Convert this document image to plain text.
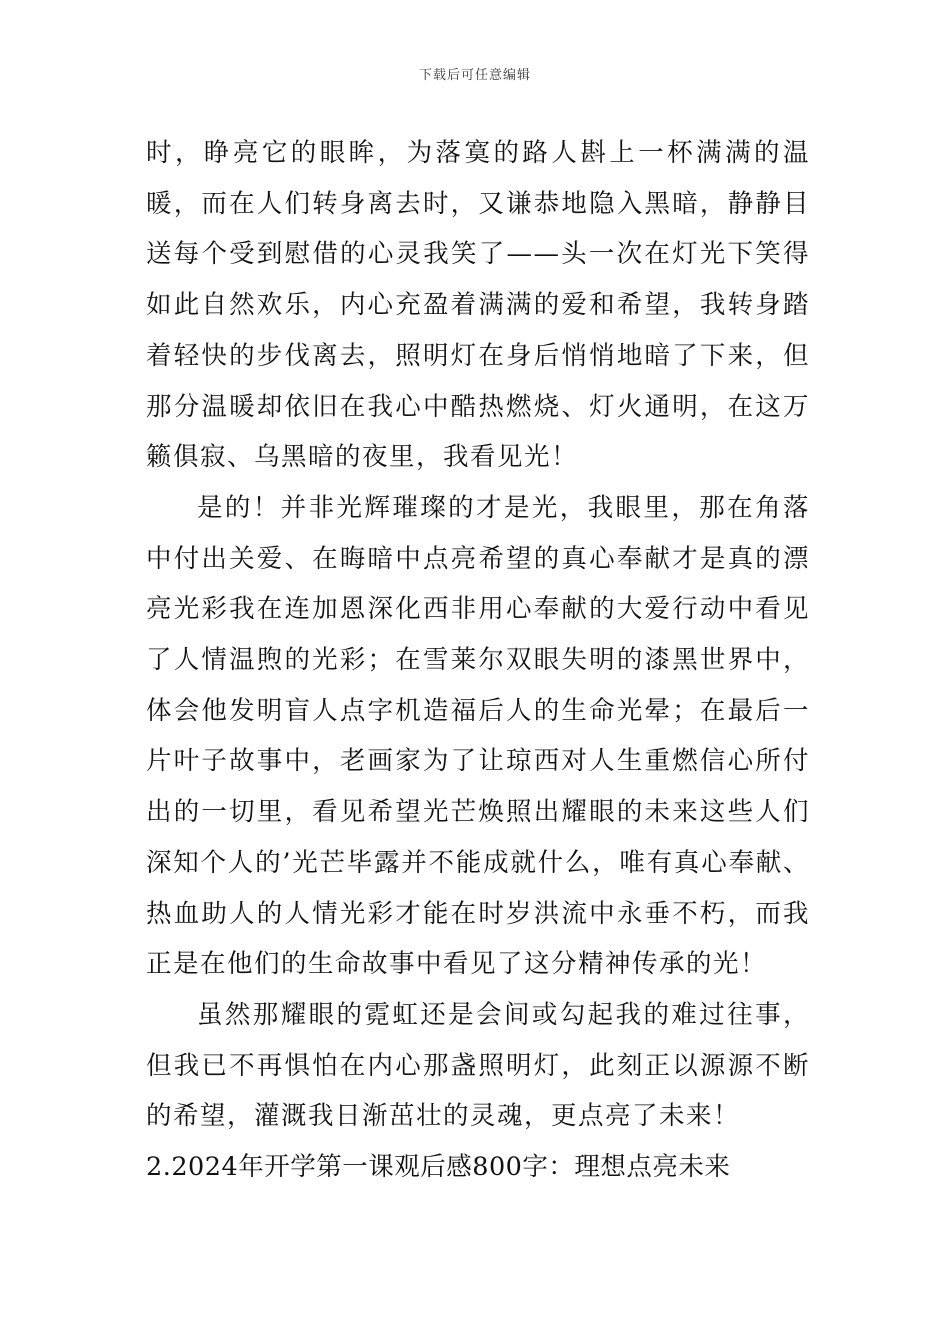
下载后可任意编辑

时，睁亮它的眼眸，为落寞的路人斟上一杯满满的温暖，而在人们转身离去时，又谦恭地隐入黑暗，静静目送每个受到慰借的心灵我笑了——头一次在灯光下笑得如此自然欢乐，内心充盈着满满的爱和希望，我转身踏着轻快的步伐离去，照明灯在身后悄悄地暗了下来，但那分温暖却依旧在我心中酷热燃烧、灯火通明，在这万籁俱寂、乌黑暗的夜里，我看见光！

是的！并非光辉璀璨的才是光，我眼里，那在角落中付出关爱、在晦暗中点亮希望的真心奉献才是真的漂亮光彩我在连加恩深化西非用心奉献的大爱行动中看见了人情温煦的光彩；在雪莱尔双眼失明的漆黑世界中，体会他发明盲人点字机造福后人的生命光晕；在最后一片叶子故事中，老画家为了让琼西对人生重燃信心所付出的一切里，看见希望光芒焕照出耀眼的未来这些人们深知个人的’光芒毕露并不能成就什么，唯有真心奉献、热血助人的人情光彩才能在时岁洪流中永垂不朽，而我正是在他们的生命故事中看见了这分精神传承的光！

虽然那耀眼的霓虹还是会间或勾起我的难过往事，但我已不再惧怕在内心那盏照明灯，此刻正以源源不断的希望，灌溉我日渐茁壮的灵魂，更点亮了未来！

2.2024年开学第一课观后感800字：理想点亮未来
